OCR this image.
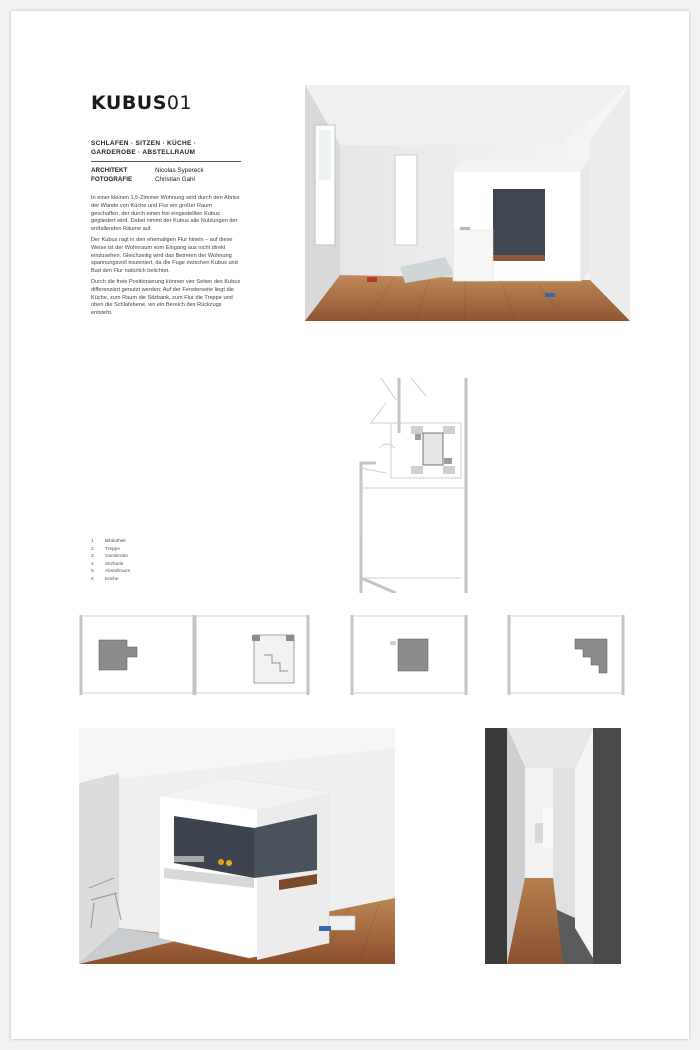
KUBUS01
SCHLAFEN · SITZEN · KÜCHE · GARDEROBE · ABSTELLRAUM
ARCHITEKT	Nicolas Sypereck
FOTOGRAFIE	Christian Gahl

In einer kleinen 1,5-Zimmer Wohnung wird durch den Abriss der Wände von Küche und Flur ein großer Raum geschaffen, der durch einen frei eingestellten Kubus gegliedert wird. Dabei nimmt der Kubus alle Nutzungen der entfallenden Räume auf.

Der Kubus ragt in den ehemaligen Flur hinein – auf diese Weise ist der Wohnraum vom Eingang aus nicht direkt einzusehen. Gleichzeitig wird das Betreten der Wohnung spannungsvoll inszeniert, da die Fuge zwischen Kubus und Bad den Flur natürlich belichtet.

Durch die freie Positionierung können vier Seiten des Kubus differenziert genutzt werden: Auf der Fensterseite liegt die Küche, zum Raum die Sitzbank, zum Flur die Treppe und oben die Schlafebene, wo ein Bereich des Rückzugs entsteht.

1	Bibliothek
2	Treppe
3	Garderobe
4	Sitzbank
5	Abstellraum
6	Küche
